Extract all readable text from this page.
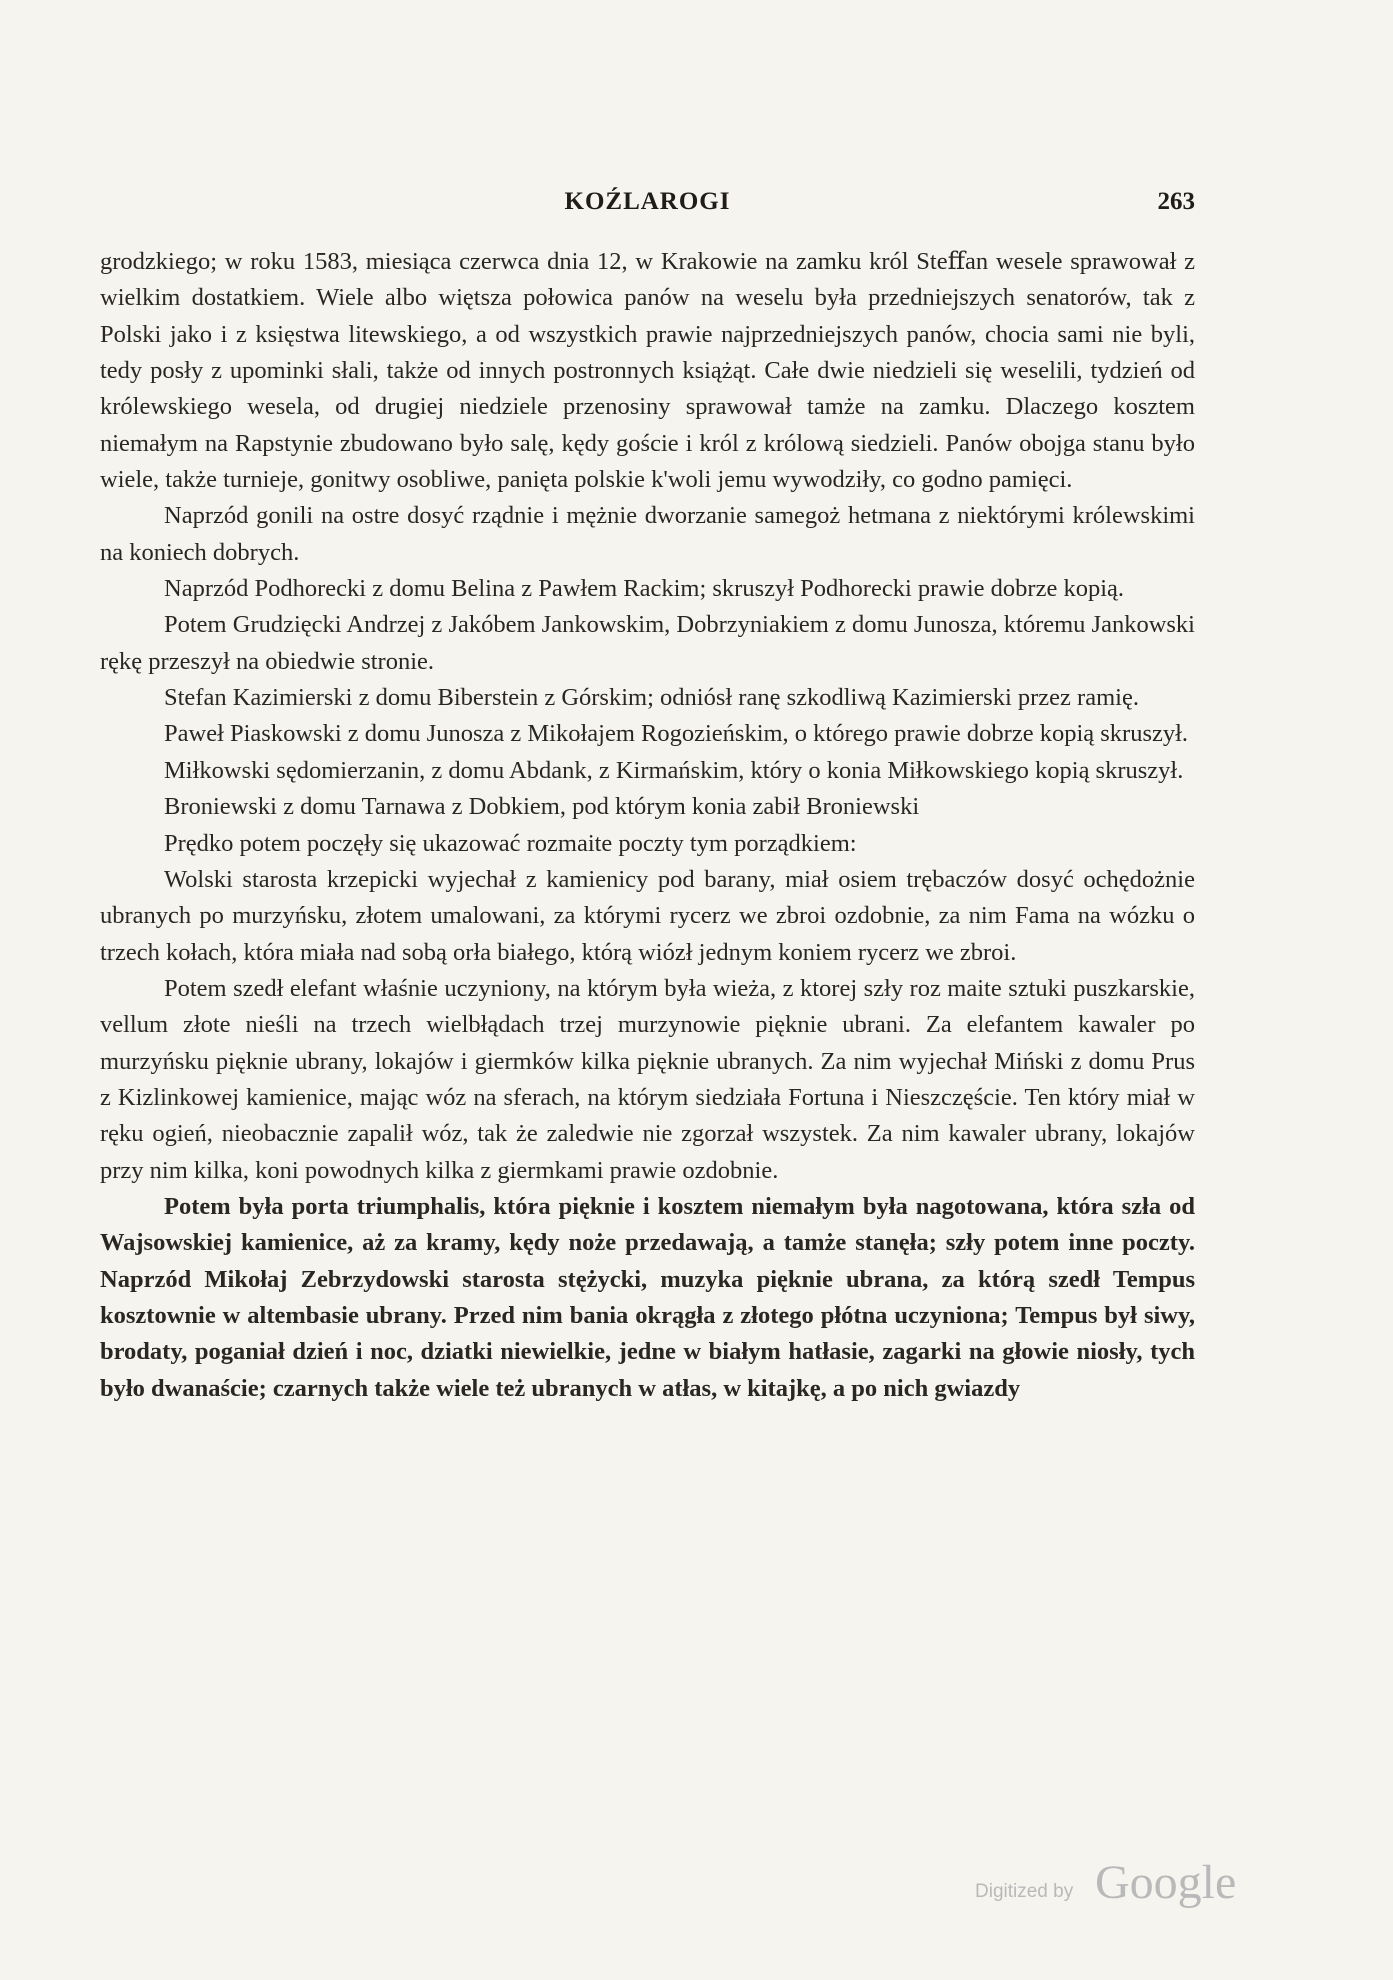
KOŹLAROGI	263

grodzkiego; w roku 1583, miesiąca czerwca dnia 12, w Krakowie na zamku król Steﬀan wesele sprawował z wielkim dostatkiem. Wiele albo więtsza połowica panów na weselu była przedniejszych senatorów, tak z Polski jako i z księstwa litewskiego, a od wszystkich prawie najprzedniejszych panów, chocia sami nie byli, tedy posły z upominki słali, także od innych postronnych książąt. Całe dwie niedzieli się weselili, tydzień od królewskiego wesela, od drugiej niedziele przenosiny sprawował tamże na zamku. Dlaczego kosztem niemałym na Rapstynie zbudowano było salę, kędy goście i król z królową siedzieli. Panów obojga stanu było wiele, także turnieje, gonitwy osobliwe, panięta polskie k'woli jemu wywodziły, co godno pamięci.

Naprzód gonili na ostre dosyć rządnie i mężnie dworzanie samegoż hetmana z niektórymi królewskimi na koniech dobrych.

Naprzód Podhorecki z domu Belina z Pawłem Rackim; skruszył Podhorecki prawie dobrze kopią.

Potem Grudzięcki Andrzej z Jakóbem Jankowskim, Dobrzyniakiem z domu Junosza, któremu Jankowski rękę przeszył na obiedwie stronie.

Stefan Kazimierski z domu Biberstein z Górskim; odniósł ranę szkodliwą Kazimierski przez ramię.

Paweł Piaskowski z domu Junosza z Mikołajem Rogozieńskim, o którego prawie dobrze kopią skruszył.

Miłkowski sędomierzanin, z domu Abdank, z Kirmańskim, który o konia Miłkowskiego kopią skruszył.

Broniewski z domu Tarnawa z Dobkiem, pod którym konia zabił Broniewski

Prędko potem poczęły się ukazować rozmaite poczty tym porządkiem:

Wolski starosta krzepicki wyjechał z kamienicy pod barany, miał osiem trębaczów dosyć ochędożnie ubranych po murzyńsku, złotem umalowani, za którymi rycerz we zbroi ozdobnie, za nim Fama na wózku o trzech kołach, która miała nad sobą orła białego, którą wiózł jednym koniem rycerz we zbroi.

Potem szedł elefant właśnie uczyniony, na którym była wieża, z ktorej szły roz maite sztuki puszkarskie, vellum złote nieśli na trzech wielbłądach trzej murzynowie pięknie ubrani. Za elefantem kawaler po murzyńsku pięknie ubrany, lokajów i giermków kilka pięknie ubranych. Za nim wyjechał Miński z domu Prus z Kizlinkowej kamienice, mając wóz na sferach, na którym siedziała Fortuna i Nieszczęście. Ten który miał w ręku ogień, nieobacznie zapalił wóz, tak że zaledwie nie zgorzał wszystek. Za nim kawaler ubrany, lokajów przy nim kilka, koni powodnych kilka z giermkami prawie ozdobnie.

Potem była porta triumphalis, która pięknie i kosztem niemałym była nagotowana, która szła od Wajsowskiej kamienice, aż za kramy, kędy noże przedawają, a tamże stanęła; szły potem inne poczty. Naprzód Mikołaj Zebrzydowski starosta stężycki, muzyka pięknie ubrana, za którą szedł Tempus kosztownie w altembasie ubrany. Przed nim bania okrągła z złotego płótna uczyniona; Tempus był siwy, brodaty, poganiał dzień i noc, dziatki niewielkie, jedne w białym hatłasie, zagarki na głowie niosły, tych było dwanaście; czarnych także wiele też ubranych w atłas, w kitajkę, a po nich gwiazdy

Digitized by Google
